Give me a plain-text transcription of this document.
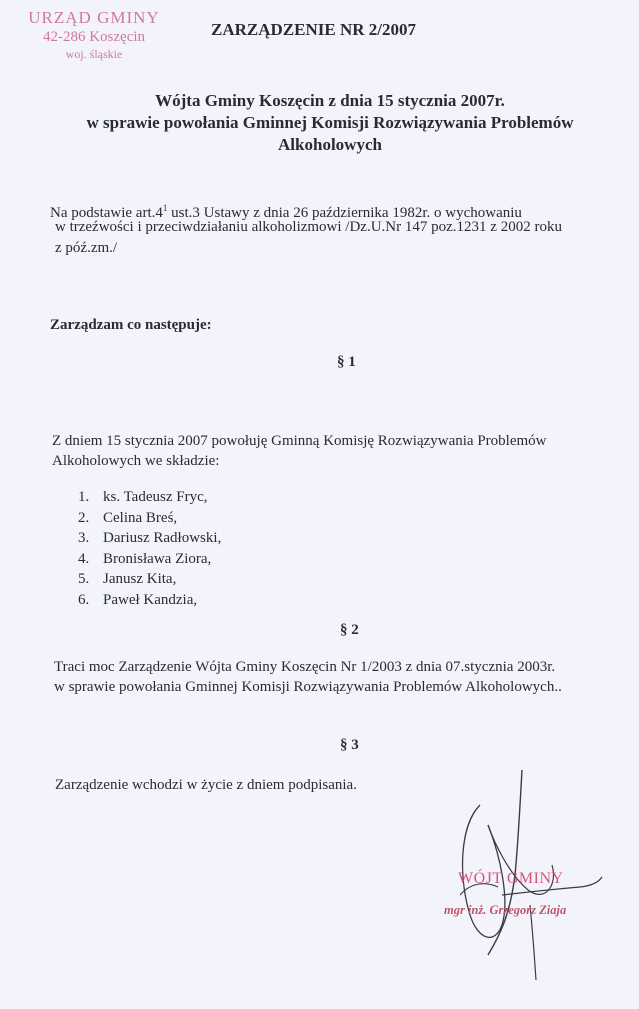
URZĄD GMINY
42-286 Koszęcin
woj. śląskie
ZARZĄDZENIE NR 2/2007
Wójta Gminy Koszęcin z dnia 15 stycznia 2007r.
w sprawie powołania Gminnej Komisji Rozwiązywania Problemów
Alkoholowych
Na podstawie $art.4^1$ ust.3 Ustawy z dnia 26 października 1982r. o wychowaniu
w trzeźwości i przeciwdziałaniu alkoholizmowi /Dz.U.Nr 147 poz.1231 z 2002 roku
z póź.zm./
Zarządzam co następuje:
§ 1
Z dniem 15 stycznia 2007 powołuję Gminną Komisję Rozwiązywania Problemów
Alkoholowych we składzie:
1. ks. Tadeusz Fryc,
2. Celina Breś,
3. Dariusz Radłowski,
4. Bronisława Ziora,
5. Janusz Kita,
6. Paweł Kandzia,
§ 2
Traci moc Zarządzenie Wójta Gminy Koszęcin Nr 1/2003 z dnia 07.stycznia 2003r.
w sprawie powołania Gminnej Komisji Rozwiązywania Problemów Alkoholowych..
§ 3
Zarządzenie wchodzi w życie z dniem podpisania.
WÓJT GMINY
mgr inż. Grzegorz Ziaja
